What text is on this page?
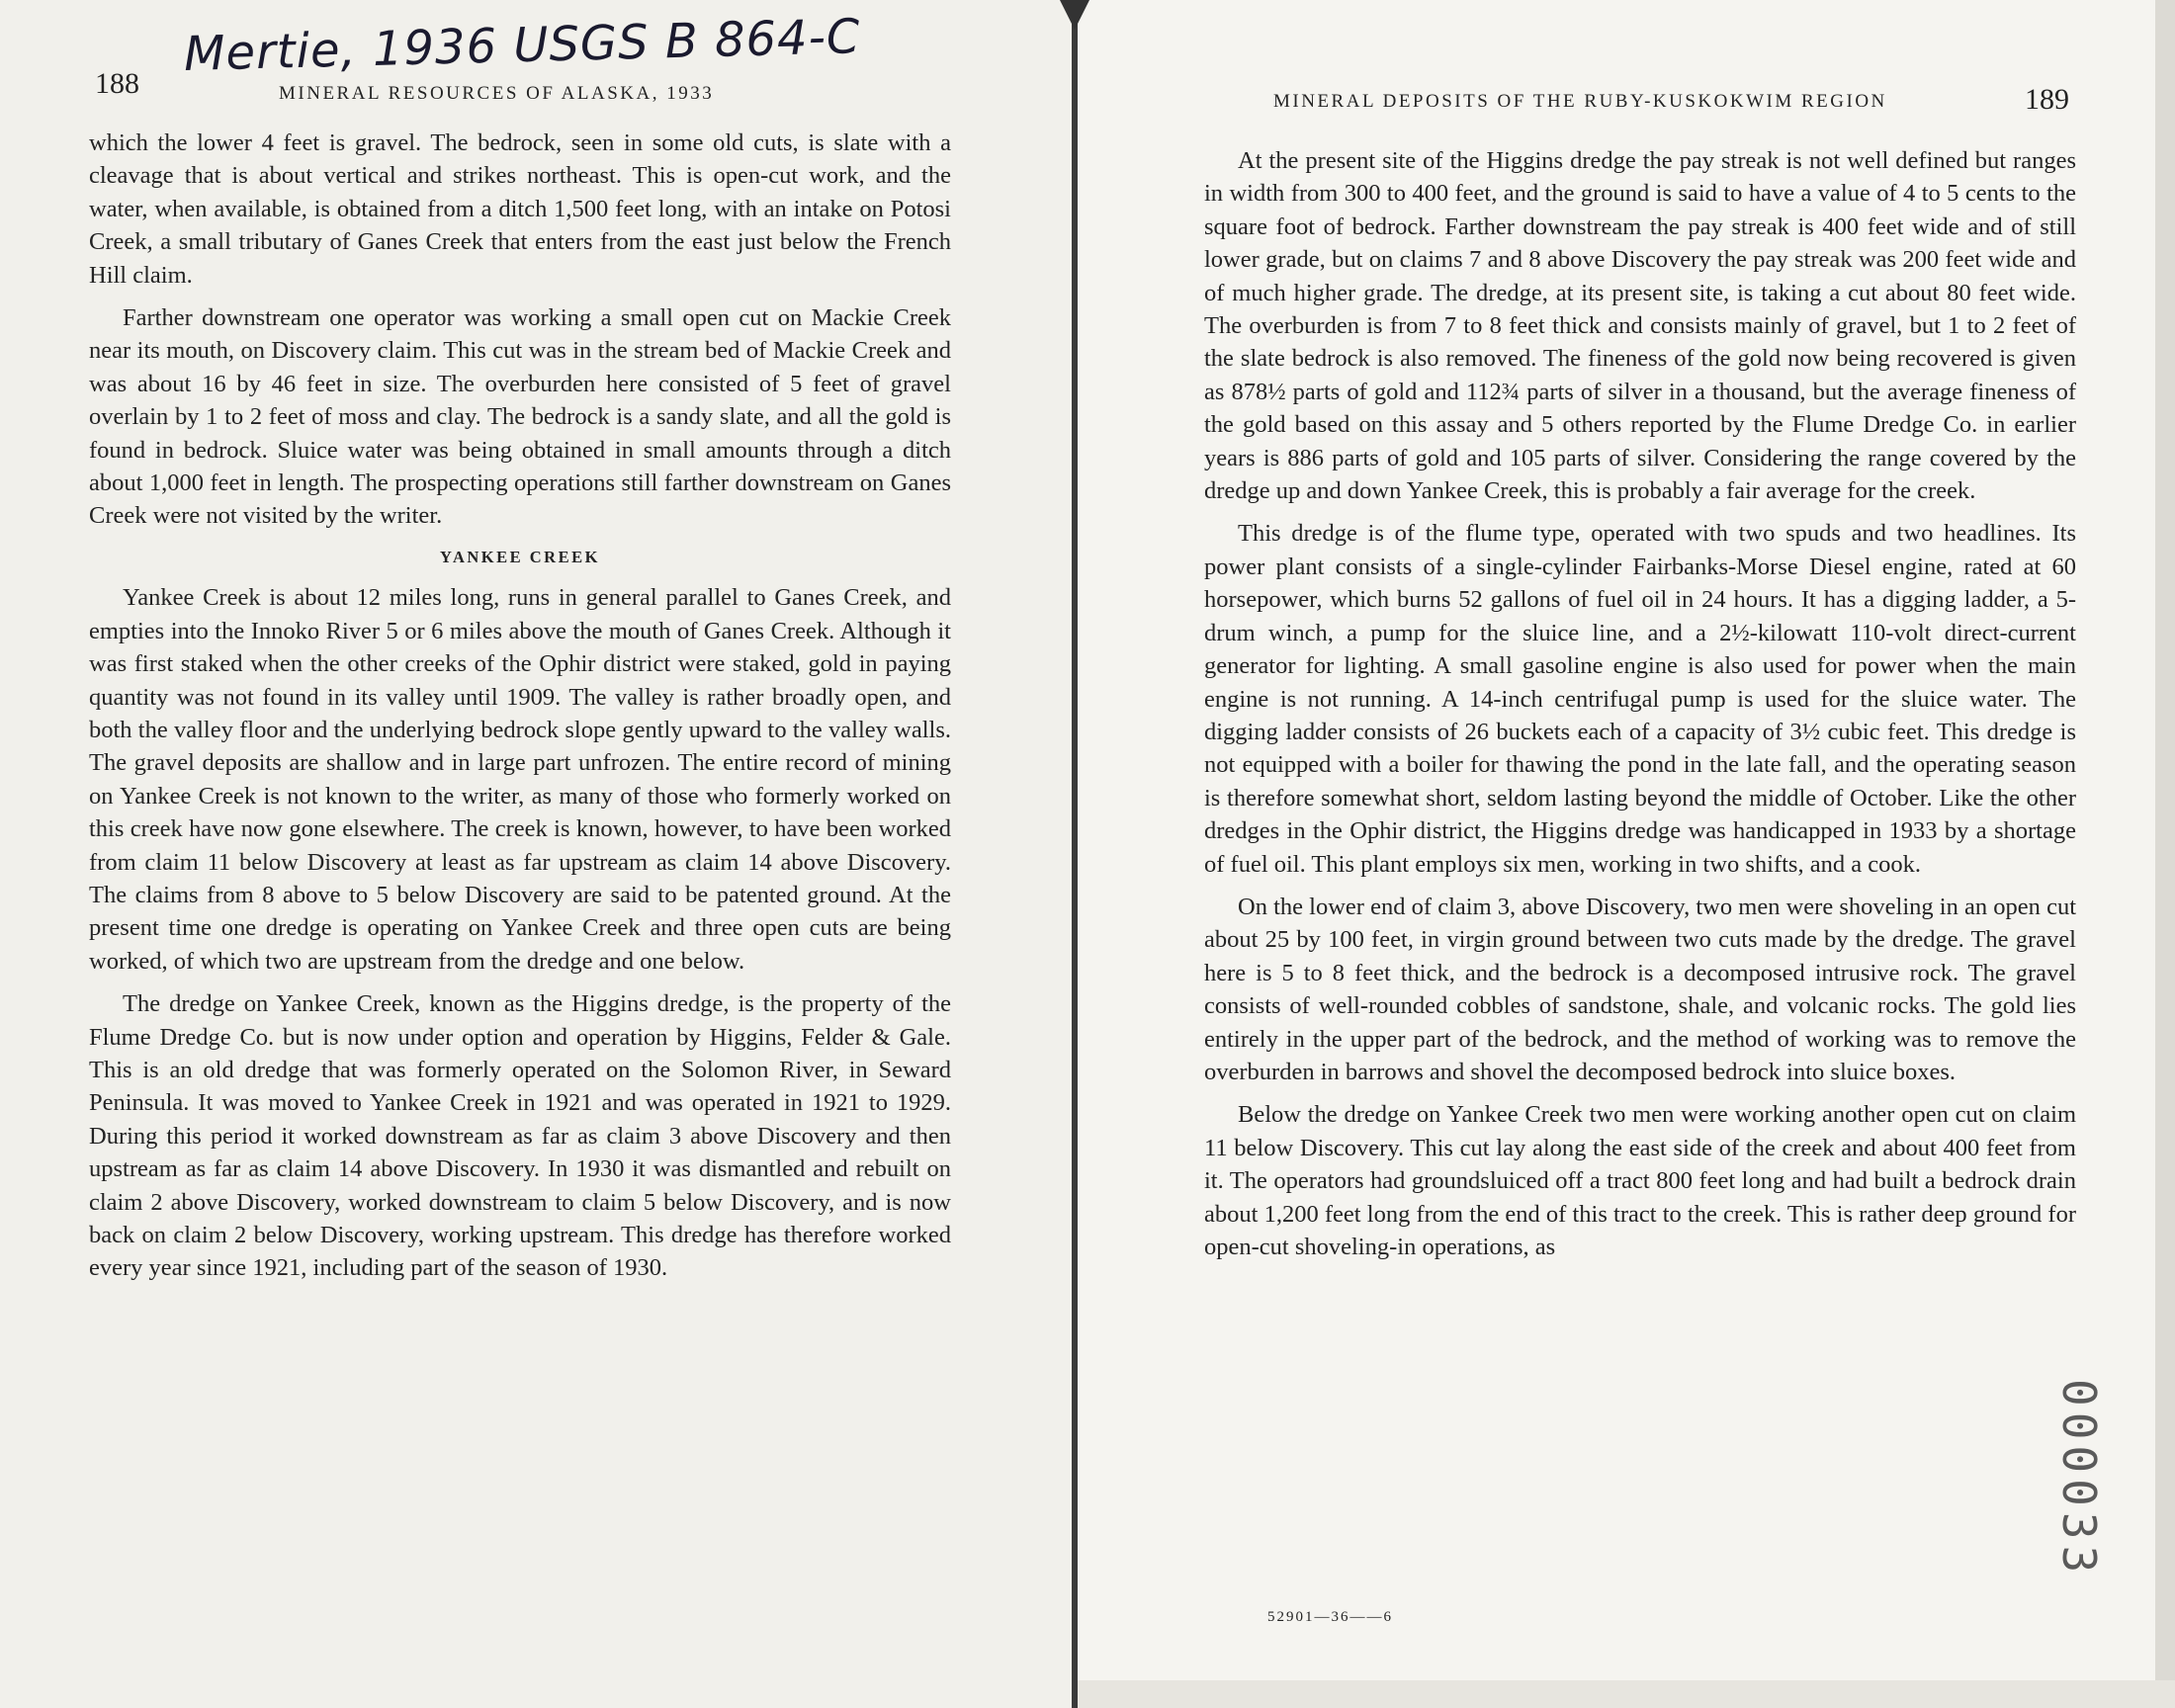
Mertie, 1936 USGS B 864-C
188	MINERAL RESOURCES OF ALASKA, 1933

which the lower 4 feet is gravel. The bedrock, seen in some old cuts, is slate with a cleavage that is about vertical and strikes northeast. This is open-cut work, and the water, when available, is obtained from a ditch 1,500 feet long, with an intake on Potosi Creek, a small tributary of Ganes Creek that enters from the east just below the French Hill claim.

Farther downstream one operator was working a small open cut on Mackie Creek near its mouth, on Discovery claim. This cut was in the stream bed of Mackie Creek and was about 16 by 46 feet in size. The overburden here consisted of 5 feet of gravel overlain by 1 to 2 feet of moss and clay. The bedrock is a sandy slate, and all the gold is found in bedrock. Sluice water was being obtained in small amounts through a ditch about 1,000 feet in length. The prospecting operations still farther downstream on Ganes Creek were not visited by the writer.

YANKEE CREEK

Yankee Creek is about 12 miles long, runs in general parallel to Ganes Creek, and empties into the Innoko River 5 or 6 miles above the mouth of Ganes Creek. Although it was first staked when the other creeks of the Ophir district were staked, gold in paying quantity was not found in its valley until 1909. The valley is rather broadly open, and both the valley floor and the underlying bedrock slope gently upward to the valley walls. The gravel deposits are shallow and in large part unfrozen. The entire record of mining on Yankee Creek is not known to the writer, as many of those who formerly worked on this creek have now gone elsewhere. The creek is known, however, to have been worked from claim 11 below Discovery at least as far upstream as claim 14 above Discovery. The claims from 8 above to 5 below Discovery are said to be patented ground. At the present time one dredge is operating on Yankee Creek and three open cuts are being worked, of which two are upstream from the dredge and one below.

The dredge on Yankee Creek, known as the Higgins dredge, is the property of the Flume Dredge Co. but is now under option and operation by Higgins, Felder & Gale. This is an old dredge that was formerly operated on the Solomon River, in Seward Peninsula. It was moved to Yankee Creek in 1921 and was operated in 1921 to 1929. During this period it worked downstream as far as claim 3 above Discovery and then upstream as far as claim 14 above Discovery. In 1930 it was dismantled and rebuilt on claim 2 above Discovery, worked downstream to claim 5 below Discovery, and is now back on claim 2 below Discovery, working upstream. This dredge has therefore worked every year since 1921, including part of the season of 1930.

MINERAL DEPOSITS OF THE RUBY-KUSKOKWIM REGION	189

At the present site of the Higgins dredge the pay streak is not well defined but ranges in width from 300 to 400 feet, and the ground is said to have a value of 4 to 5 cents to the square foot of bedrock. Farther downstream the pay streak is 400 feet wide and of still lower grade, but on claims 7 and 8 above Discovery the pay streak was 200 feet wide and of much higher grade. The dredge, at its present site, is taking a cut about 80 feet wide. The overburden is from 7 to 8 feet thick and consists mainly of gravel, but 1 to 2 feet of the slate bedrock is also removed. The fineness of the gold now being recovered is given as 878½ parts of gold and 112¾ parts of silver in a thousand, but the average fineness of the gold based on this assay and 5 others reported by the Flume Dredge Co. in earlier years is 886 parts of gold and 105 parts of silver. Considering the range covered by the dredge up and down Yankee Creek, this is probably a fair average for the creek.

This dredge is of the flume type, operated with two spuds and two headlines. Its power plant consists of a single-cylinder Fairbanks-Morse Diesel engine, rated at 60 horsepower, which burns 52 gallons of fuel oil in 24 hours. It has a digging ladder, a 5-drum winch, a pump for the sluice line, and a 2½-kilowatt 110-volt direct-current generator for lighting. A small gasoline engine is also used for power when the main engine is not running. A 14-inch centrifugal pump is used for the sluice water. The digging ladder consists of 26 buckets each of a capacity of 3½ cubic feet. This dredge is not equipped with a boiler for thawing the pond in the late fall, and the operating season is therefore somewhat short, seldom lasting beyond the middle of October. Like the other dredges in the Ophir district, the Higgins dredge was handicapped in 1933 by a shortage of fuel oil. This plant employs six men, working in two shifts, and a cook.

On the lower end of claim 3, above Discovery, two men were shoveling in an open cut about 25 by 100 feet, in virgin ground between two cuts made by the dredge. The gravel here is 5 to 8 feet thick, and the bedrock is a decomposed intrusive rock. The gravel consists of well-rounded cobbles of sandstone, shale, and volcanic rocks. The gold lies entirely in the upper part of the bedrock, and the method of working was to remove the overburden in barrows and shovel the decomposed bedrock into sluice boxes.

Below the dredge on Yankee Creek two men were working another open cut on claim 11 below Discovery. This cut lay along the east side of the creek and about 400 feet from it. The operators had groundsluiced off a tract 800 feet long and had built a bedrock drain about 1,200 feet long from the end of this tract to the creek. This is rather deep ground for open-cut shoveling-in operations, as

52901—36——6
000033
